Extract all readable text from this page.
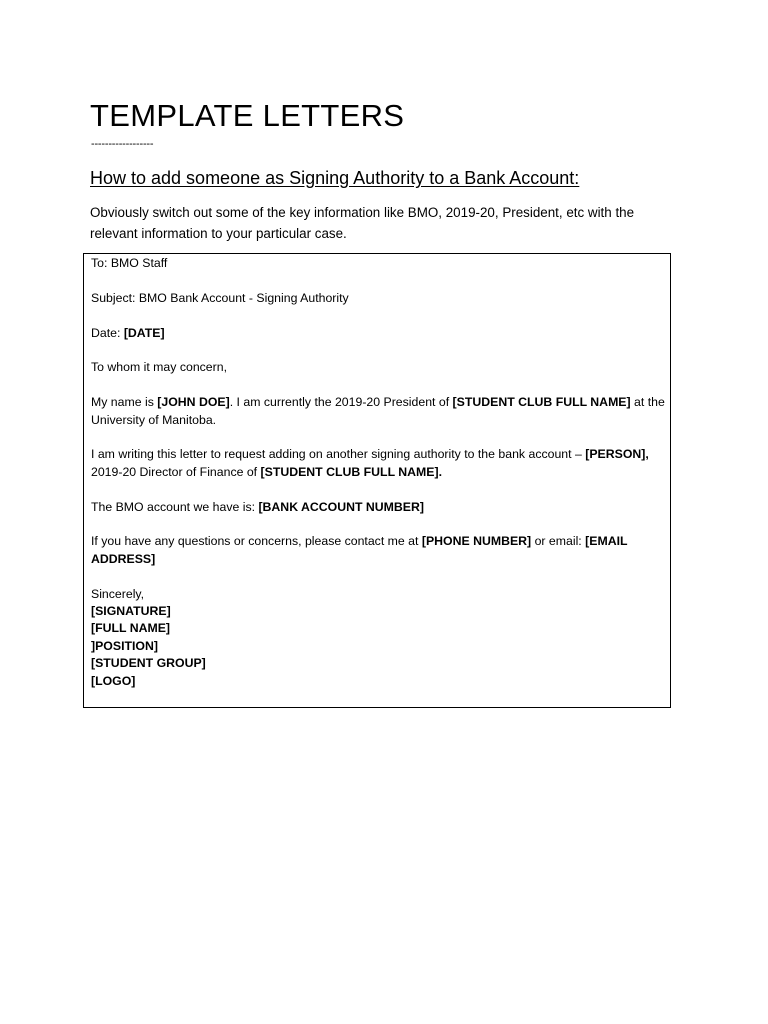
TEMPLATE LETTERS
------------------
How to add someone as Signing Authority to a Bank Account:

Obviously switch out some of the key information like BMO, 2019-20, President, etc with the relevant information to your particular case.

To: BMO Staff

Subject: BMO Bank Account - Signing Authority

Date: [DATE]

To whom it may concern,

My name is [JOHN DOE]. I am currently the 2019-20 President of [STUDENT CLUB FULL NAME] at the University of Manitoba.

I am writing this letter to request adding on another signing authority to the bank account – [PERSON], 2019-20 Director of Finance of [STUDENT CLUB FULL NAME].

The BMO account we have is: [BANK ACCOUNT NUMBER]

If you have any questions or concerns, please contact me at [PHONE NUMBER] or email: [EMAIL ADDRESS]

Sincerely,

[SIGNATURE]
[FULL NAME]
]POSITION]
[STUDENT GROUP]
[LOGO]
